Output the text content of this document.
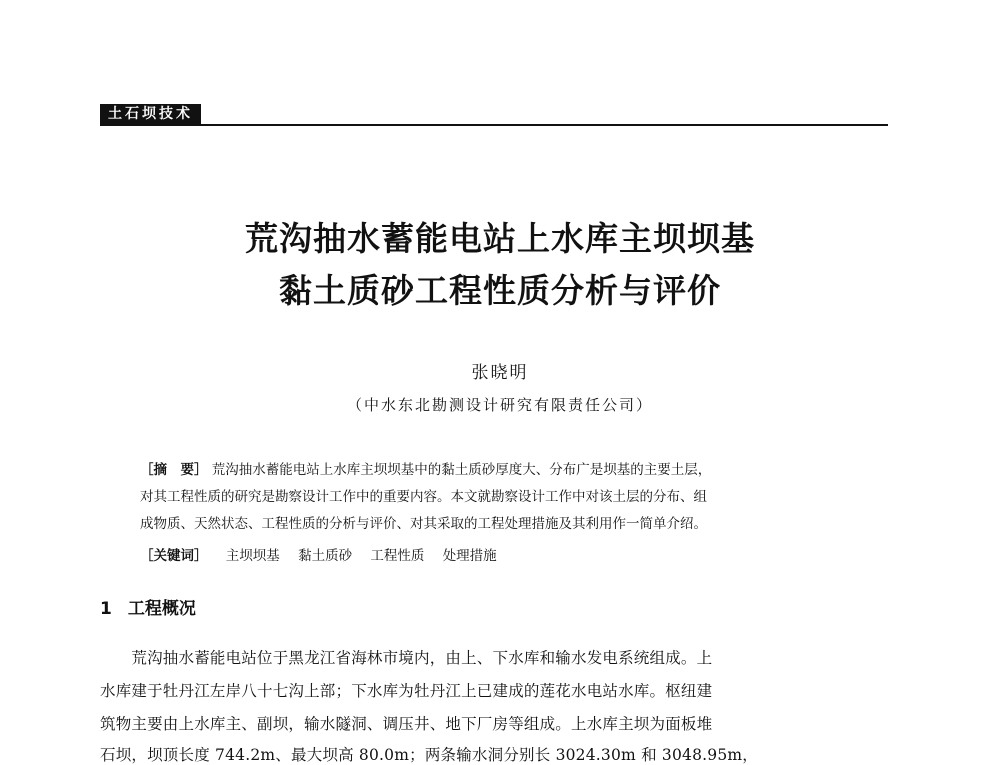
土石坝技术
荒沟抽水蓄能电站上水库主坝坝基
黏土质砂工程性质分析与评价
张晓明
（中水东北勘测设计研究有限责任公司）
［摘　要］ 荒沟抽水蓄能电站上水库主坝坝基中的黏土质砂厚度大、分布广是坝基的主要土层，
对其工程性质的研究是勘察设计工作中的重要内容。本文就勘察设计工作中对该土层的分布、组
成物质、天然状态、工程性质的分析与评价、对其采取的工程处理措施及其利用作一简单介绍。
［关键词］ 主坝坝基 黏土质砂 工程性质 处理措施
1 工程概况
　　荒沟抽水蓄能电站位于黑龙江省海林市境内，由上、下水库和输水发电系统组成。上
水库建于牡丹江左岸八十七沟上部；下水库为牡丹江上已建成的莲花水电站水库。枢纽建
筑物主要由上水库主、副坝，输水隧洞、调压井、地下厂房等组成。上水库主坝为面板堆
石坝，坝顶长度 744.2m、最大坝高 80.0m；两条输水洞分别长 3024.30m 和 3048.95m，
